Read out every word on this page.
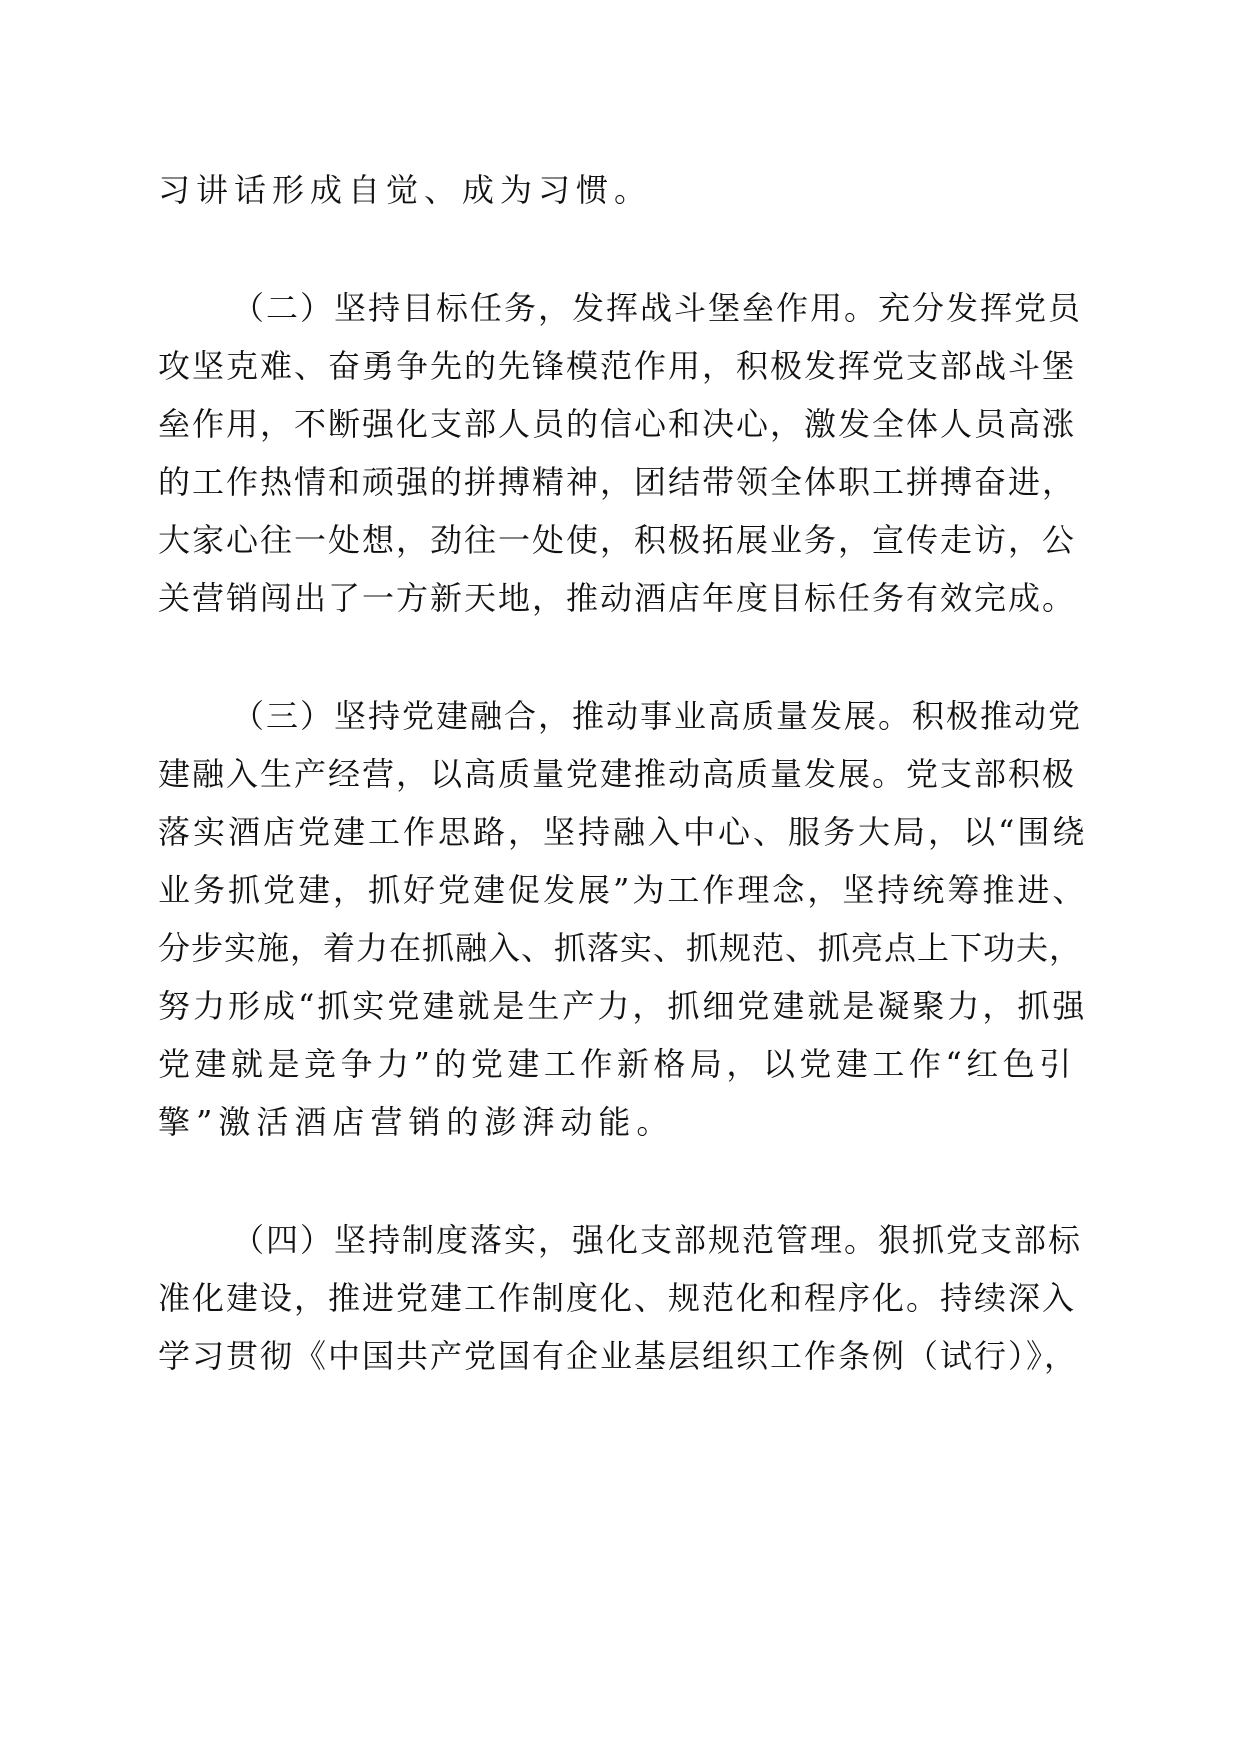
习讲话形成自觉、成为习惯。
（二）坚持目标任务，发挥战斗堡垒作用。充分发挥党员
攻坚克难、奋勇争先的先锋模范作用，积极发挥党支部战斗堡
垒作用，不断强化支部人员的信心和决心，激发全体人员高涨
的工作热情和顽强的拼搏精神，团结带领全体职工拼搏奋进，
大家心往一处想，劲往一处使，积极拓展业务，宣传走访，公
关营销闯出了一方新天地，推动酒店年度目标任务有效完成。
（三）坚持党建融合，推动事业高质量发展。积极推动党
建融入生产经营，以高质量党建推动高质量发展。党支部积极
落实酒店党建工作思路，坚持融入中心、服务大局，以“围绕
业务抓党建，抓好党建促发展”为工作理念，坚持统筹推进、
分步实施，着力在抓融入、抓落实、抓规范、抓亮点上下功夫，
努力形成“抓实党建就是生产力，抓细党建就是凝聚力，抓强
党建就是竞争力”的党建工作新格局，以党建工作“红色引
擎”激活酒店营销的澎湃动能。
（四）坚持制度落实，强化支部规范管理。狠抓党支部标
准化建设，推进党建工作制度化、规范化和程序化。持续深入
学习贯彻《中国共产党国有企业基层组织工作条例（试行）》，
